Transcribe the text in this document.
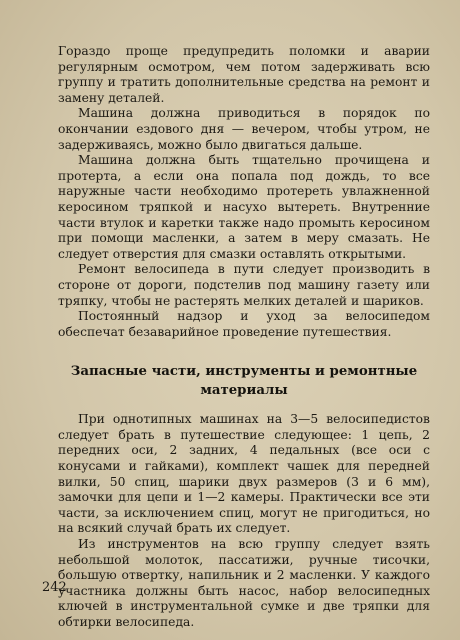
Гораздо проще предупредить поломки и аварии регулярным осмотром, чем потом задерживать всю группу и тратить дополнительные средства на ремонт и замену деталей.

Машина должна приводиться в порядок по окончании ездового дня — вечером, чтобы утром, не задерживаясь, можно было двигаться дальше.

Машина должна быть тщательно прочищена и протерта, а если она попала под дождь, то все наружные части необходимо протереть увлажненной керосином тряпкой и насухо вытереть. Внутренние части втулок и каретки также надо промыть керосином при помощи масленки, а затем в меру смазать. Не следует отверстия для смазки оставлять открытыми.

Ремонт велосипеда в пути следует производить в стороне от дороги, подстелив под машину газету или тряпку, чтобы не растерять мелких деталей и шариков.

Постоянный надзор и уход за велосипедом обеспечат безаварийное проведение путешествия.

Запасные части, инструменты и ремонтные материалы

При однотипных машинах на 3—5 велосипедистов следует брать в путешествие следующее: 1 цепь, 2 передних оси, 2 задних, 4 педальных (все оси с конусами и гайками), комплект чашек для передней вилки, 50 спиц, шарики двух размеров (3 и 6 мм), замочки для цепи и 1—2 камеры. Практически все эти части, за исключением спиц, могут не пригодиться, но на всякий случай брать их следует.

Из инструментов на всю группу следует взять небольшой молоток, пассатижи, ручные тисочки, большую отвертку, напильник и 2 масленки. У каждого участника должны быть насос, набор велосипедных ключей в инструментальной сумке и две тряпки для обтирки велосипеда.

242
